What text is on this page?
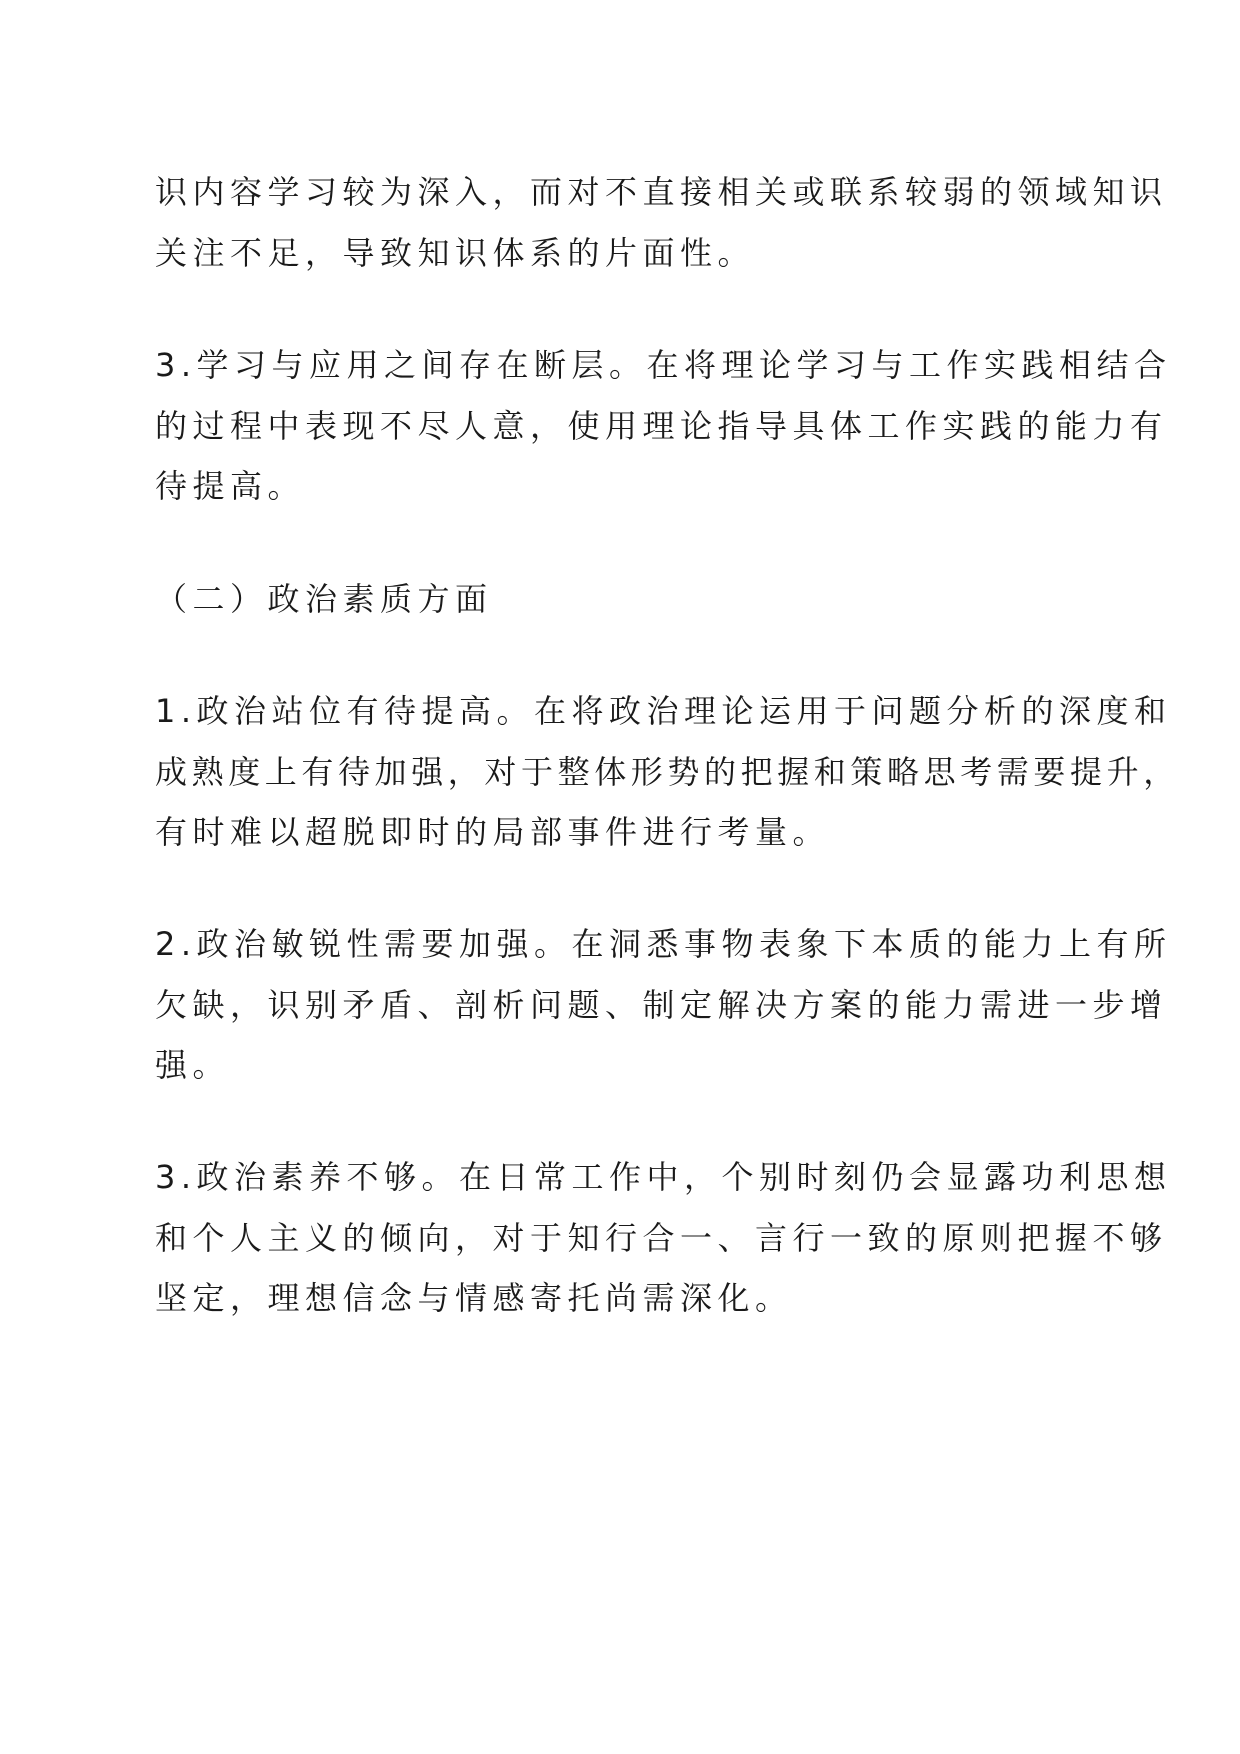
识内容学习较为深入，而对不直接相关或联系较弱的领域知识
关注不足，导致知识体系的片面性。
3.学习与应用之间存在断层。在将理论学习与工作实践相结合
的过程中表现不尽人意，使用理论指导具体工作实践的能力有
待提高。
（二）政治素质方面
1.政治站位有待提高。在将政治理论运用于问题分析的深度和
成熟度上有待加强，对于整体形势的把握和策略思考需要提升，
有时难以超脱即时的局部事件进行考量。
2.政治敏锐性需要加强。在洞悉事物表象下本质的能力上有所
欠缺，识别矛盾、剖析问题、制定解决方案的能力需进一步增
强。
3.政治素养不够。在日常工作中，个别时刻仍会显露功利思想
和个人主义的倾向，对于知行合一、言行一致的原则把握不够
坚定，理想信念与情感寄托尚需深化。
